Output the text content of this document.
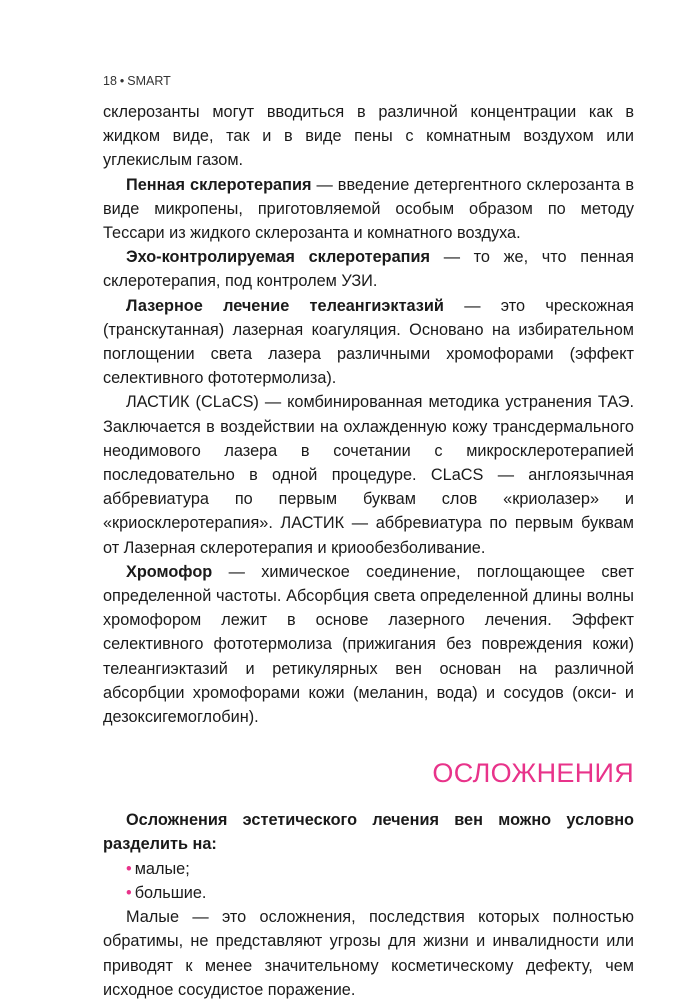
18 • SMART

склерозанты могут вводиться в различной концентрации как в жидком виде, так и в виде пены с комнатным воздухом или углекислым газом.

Пенная склеротерапия — введение детергентного склерозанта в виде микропены, приготовляемой особым образом по методу Тессари из жидкого склерозанта и комнатного воздуха.

Эхо-контролируемая склеротерапия — то же, что пенная склеротерапия, под контролем УЗИ.

Лазерное лечение телеангиэктазий — это чрескожная (транскутанная) лазерная коагуляция. Основано на избирательном поглощении света лазера различными хромофорами (эффект селективного фототермолиза).

ЛАСТИК (CLaCS) — комбинированная методика устранения ТАЭ. Заключается в воздействии на охлажденную кожу трансдермального неодимового лазера в сочетании с микросклеротерапией последовательно в одной процедуре. CLaCS — англоязычная аббревиатура по первым буквам слов «криолазер» и «криосклеротерапия». ЛАСТИК — аббревиатура по первым буквам от Лазерная склеротерапия и криообезболивание.

Хромофор — химическое соединение, поглощающее свет определенной частоты. Абсорбция света определенной длины волны хромофором лежит в основе лазерного лечения. Эффект селективного фототермолиза (прижигания без повреждения кожи) телеангиэктазий и ретикулярных вен основан на различной абсорбции хромофорами кожи (меланин, вода) и сосудов (окси- и дезоксигемоглобин).

ОСЛОЖНЕНИЯ

Осложнения эстетического лечения вен можно условно разделить на:

• малые;
• большие.

Малые — это осложнения, последствия которых полностью обратимы, не представляют угрозы для жизни и инвалидности или приводят к менее значительному косметическому дефекту, чем исходное сосудистое поражение.
